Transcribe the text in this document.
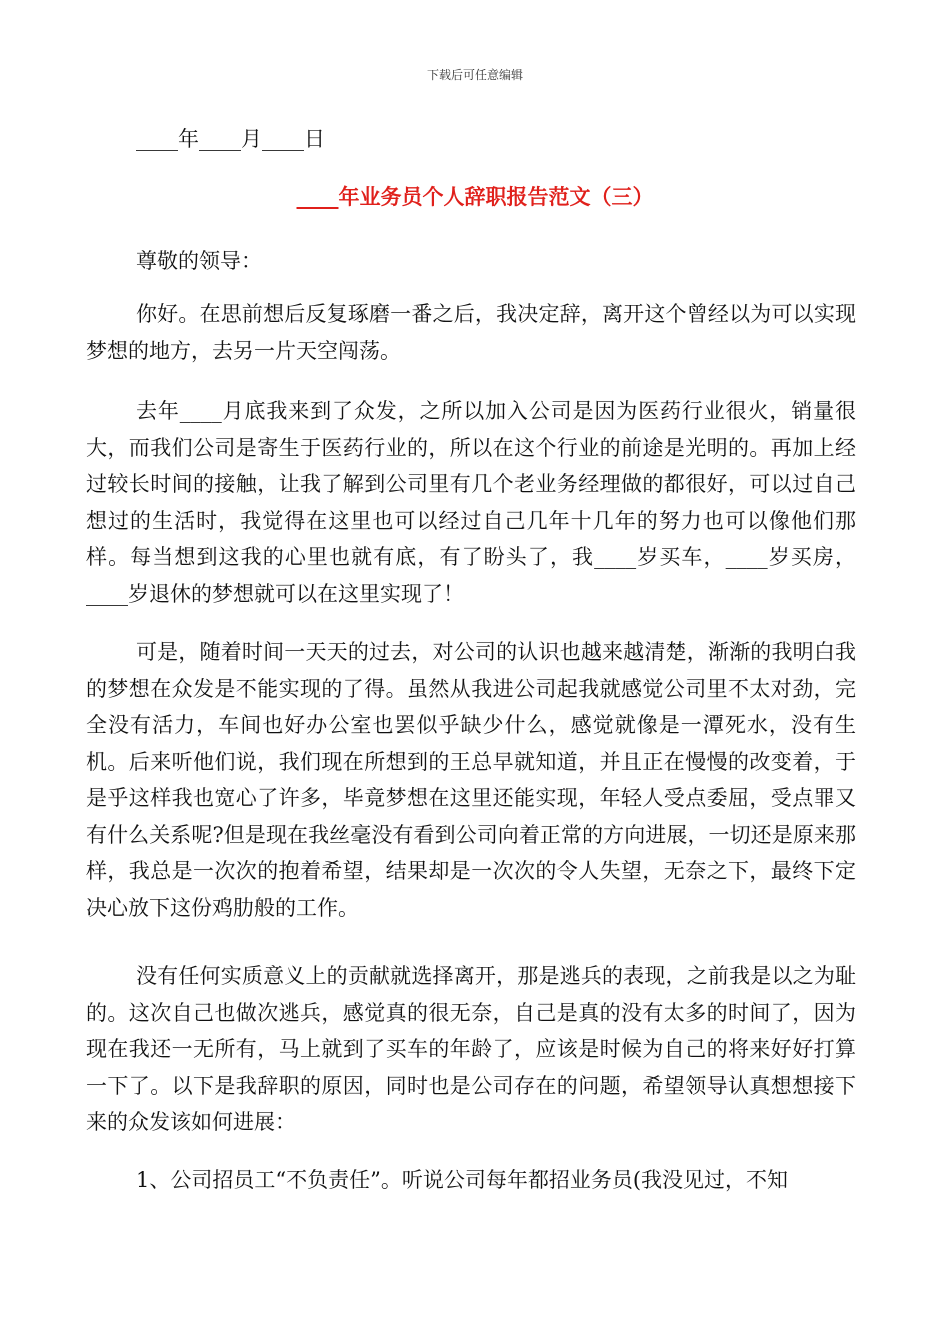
下载后可任意编辑
____年____月____日
____年业务员个人辞职报告范文（三）

尊敬的领导：

你好。在思前想后反复琢磨一番之后，我决定辞，离开这个曾经以为可以实现梦想的地方，去另一片天空闯荡。

去年____月底我来到了众发，之所以加入公司是因为医药行业很火，销量很大，而我们公司是寄生于医药行业的，所以在这个行业的前途是光明的。再加上经过较长时间的接触，让我了解到公司里有几个老业务经理做的都很好，可以过自己想过的生活时，我觉得在这里也可以经过自己几年十几年的努力也可以像他们那样。每当想到这我的心里也就有底，有了盼头了，我____岁买车，____岁买房，____岁退休的梦想就可以在这里实现了！

可是，随着时间一天天的过去，对公司的认识也越来越清楚，渐渐的我明白我的梦想在众发是不能实现的了得。虽然从我进公司起我就感觉公司里不太对劲，完全没有活力，车间也好办公室也罢似乎缺少什么，感觉就像是一潭死水，没有生机。后来听他们说，我们现在所想到的王总早就知道，并且正在慢慢的改变着，于是乎这样我也宽心了许多，毕竟梦想在这里还能实现，年轻人受点委屈，受点罪又有什么关系呢?但是现在我丝毫没有看到公司向着正常的方向进展，一切还是原来那样，我总是一次次的抱着希望，结果却是一次次的令人失望，无奈之下，最终下定决心放下这份鸡肋般的工作。

没有任何实质意义上的贡献就选择离开，那是逃兵的表现，之前我是以之为耻的。这次自己也做次逃兵，感觉真的很无奈，自己是真的没有太多的时间了，因为现在我还一无所有，马上就到了买车的年龄了，应该是时候为自己的将来好好打算一下了。以下是我辞职的原因，同时也是公司存在的问题，希望领导认真想想接下来的众发该如何进展：

1、公司招员工“不负责任”。听说公司每年都招业务员(我没见过，不知
